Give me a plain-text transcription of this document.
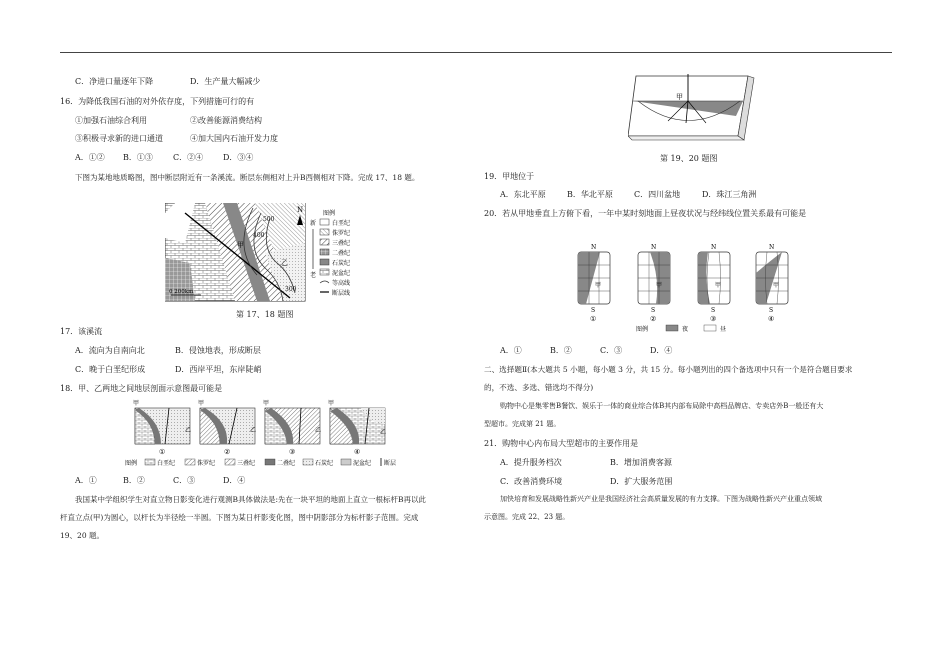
C．净进口量逐年下降	D．生产量大幅减少
16．为降低我国石油的对外依存度，下列措施可行的有
①加强石油综合利用	②改善能源消费结构
③积极寻求新的进口通道	④加大国内石油开发力度
A．①② B．①③	C．②④ D．③④
下图为某地地质略图，图中断层附近有一条溪流。断层东侧相对上升B西侧相对下降。完成 17、18 题。
500
400
300
甲
乙
N
0 200km
新
老
图例
白垩纪
侏罗纪
三叠纪
二叠纪
石炭纪
泥盆纪
等高线
断层线
第 17、18 题图
17．该溪流
A．流向为自南向北	B．侵蚀地表，形成断层
C．晚于白垩纪形成	D．西岸平坦，东岸陡峭
18．甲、乙两地之间地层剖面示意图最可能是
甲
乙
①
甲
乙
②
甲
乙
③
甲
乙
④
图例	白垩纪	侏罗纪	三叠纪	二叠纪	石炭纪	泥盆纪 断层
A．①	B．②	C．③	D．④
我国某中学组织学生对直立物日影变化进行观测B具体做法是:先在一块平坦的地面上直立一根标杆B再以此
杆直立点(甲)为圆心，以杆长为半径绘一半圆。下图为某日杆影变化图，图中阴影部分为标杆影子范围。完成
19、20 题。
甲
第 19、20 题图
19．甲地位于
A．东北平原	B．华北平原	C．四川盆地	D．珠江三角洲
20．若从甲地垂直上方俯下看，一年中某时刻地面上昼夜状况与经纬线位置关系最有可能是
N
S
甲
①
N
S
甲
②
N
S
甲
③
N
S
甲
④
图例	夜	昼
A．①	B．②	C．③	D．④
二、选择题Ⅱ(本大题共 5 小题，每小题 3 分，共 15 分。每小题列出的四个备选项中只有一个是符合题目要求
的，不选、多选、错选均不得分)
购物中心是集零售B餐饮、娱乐于一体的商业综合体B其内部布局除中高档品牌店、专卖店外B一般还有大
型超市。完成第 21 题。
21．购物中心内布局大型超市的主要作用是
A．提升服务档次	B．增加消费客源
C．改善消费环境	D．扩大服务范围
加快培育和发展战略性新兴产业是我国经济社会高质量发展的有力支撑。下图为战略性新兴产业重点领域
示意图。完成 22、23 题。
